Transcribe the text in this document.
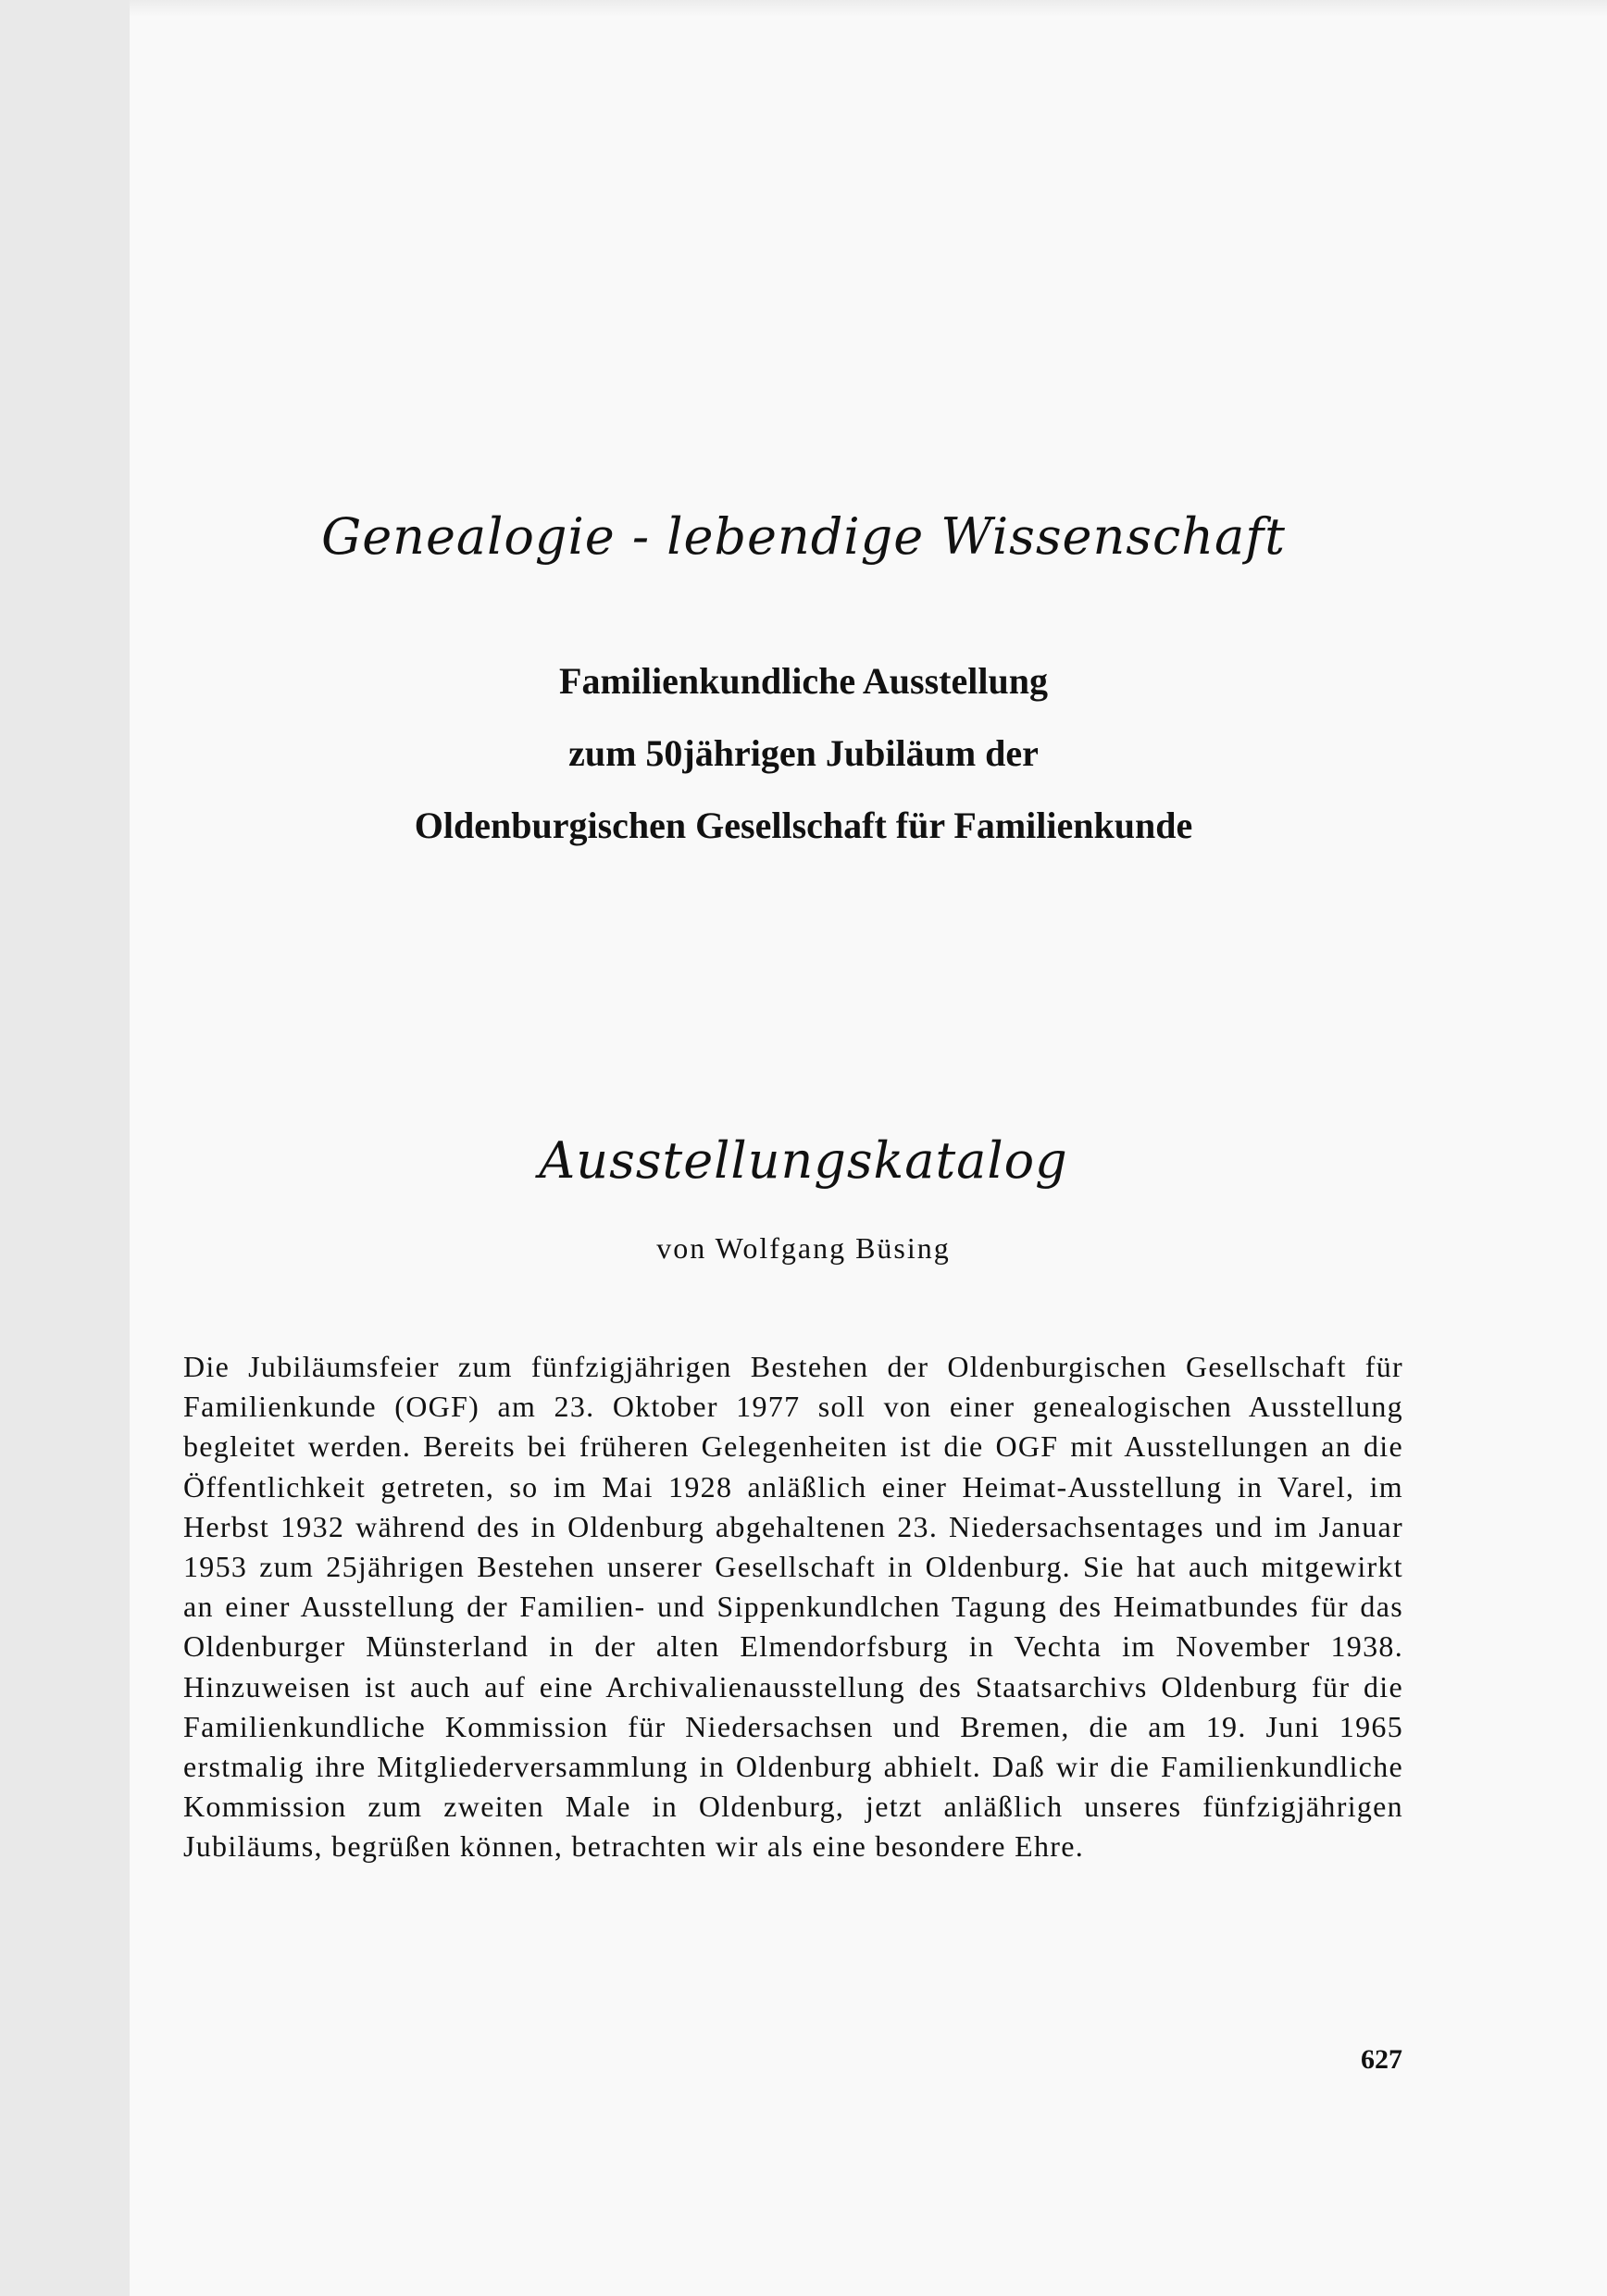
Genealogie - lebendige Wissenschaft
Familienkundliche Ausstellung
zum 50jährigen Jubiläum der
Oldenburgischen Gesellschaft für Familienkunde
Ausstellungskatalog
von Wolfgang Büsing

Die Jubiläumsfeier zum fünfzigjährigen Bestehen der Oldenburgischen Gesellschaft für Familienkunde (OGF) am 23. Oktober 1977 soll von einer genealogischen Ausstellung begleitet werden. Bereits bei früheren Gelegenheiten ist die OGF mit Ausstellungen an die Öffentlichkeit getreten, so im Mai 1928 anläßlich einer Heimat-Ausstellung in Varel, im Herbst 1932 während des in Oldenburg abgehaltenen 23. Niedersachsentages und im Januar 1953 zum 25jährigen Bestehen unserer Gesellschaft in Oldenburg. Sie hat auch mitgewirkt an einer Ausstellung der Familien- und Sippenkundlchen Tagung des Heimatbundes für das Oldenburger Münsterland in der alten Elmendorfsburg in Vechta im November 1938. Hinzuweisen ist auch auf eine Archivalienausstellung des Staatsarchivs Oldenburg für die Familienkundliche Kommission für Niedersachsen und Bremen, die am 19. Juni 1965 erstmalig ihre Mitgliederversammlung in Oldenburg abhielt. Daß wir die Familienkundliche Kommission zum zweiten Male in Oldenburg, jetzt anläßlich unseres fünfzigjährigen Jubiläums, begrüßen können, betrachten wir als eine besondere Ehre.

627
